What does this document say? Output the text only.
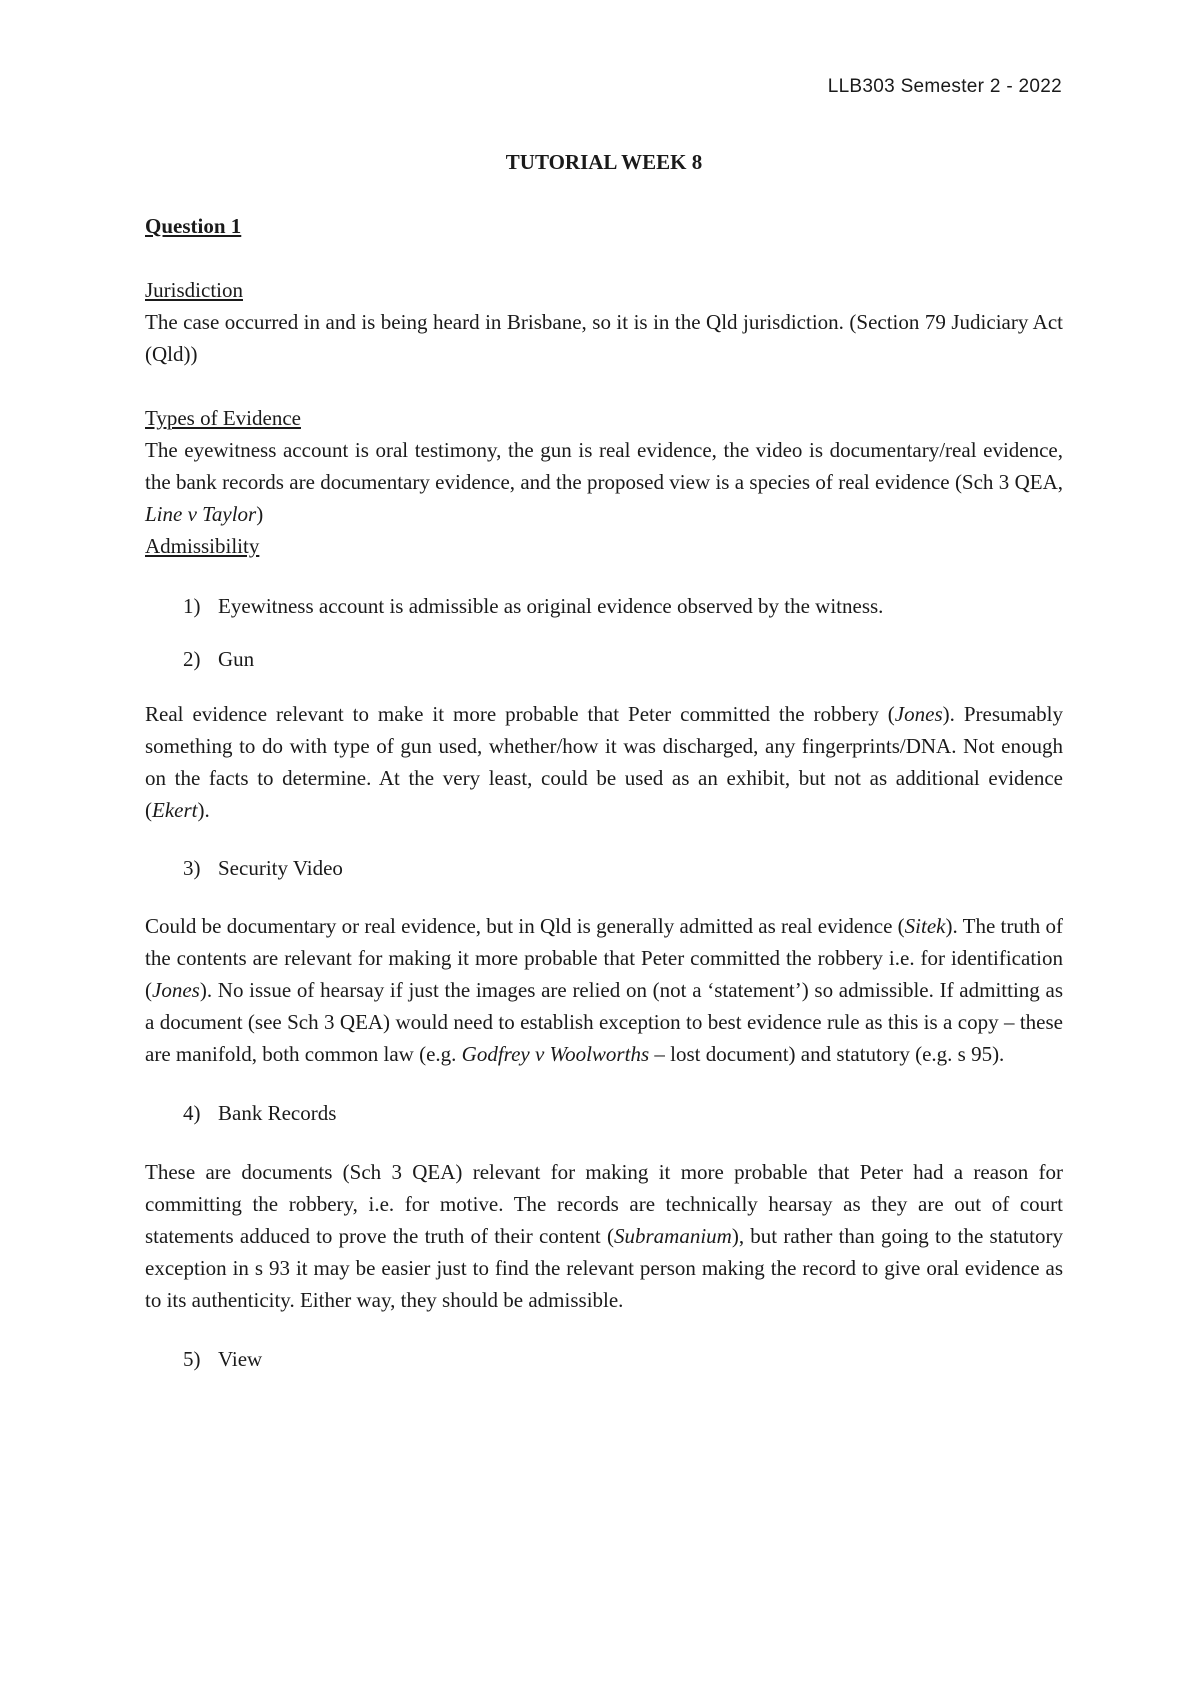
LLB303 Semester 2 - 2022

TUTORIAL WEEK 8

Question 1

Jurisdiction

The case occurred in and is being heard in Brisbane, so it is in the Qld jurisdiction. (Section 79 Judiciary Act (Qld))

Types of Evidence

The eyewitness account is oral testimony, the gun is real evidence, the video is documentary/real evidence, the bank records are documentary evidence, and the proposed view is a species of real evidence (Sch 3 QEA, Line v Taylor)

Admissibility

1) Eyewitness account is admissible as original evidence observed by the witness.

2) Gun

Real evidence relevant to make it more probable that Peter committed the robbery (Jones). Presumably something to do with type of gun used, whether/how it was discharged, any fingerprints/DNA. Not enough on the facts to determine. At the very least, could be used as an exhibit, but not as additional evidence (Ekert).

3) Security Video

Could be documentary or real evidence, but in Qld is generally admitted as real evidence (Sitek). The truth of the contents are relevant for making it more probable that Peter committed the robbery i.e. for identification (Jones). No issue of hearsay if just the images are relied on (not a ‘statement’) so admissible. If admitting as a document (see Sch 3 QEA) would need to establish exception to best evidence rule as this is a copy – these are manifold, both common law (e.g. Godfrey v Woolworths – lost document) and statutory (e.g. s 95).

4) Bank Records

These are documents (Sch 3 QEA) relevant for making it more probable that Peter had a reason for committing the robbery, i.e. for motive. The records are technically hearsay as they are out of court statements adduced to prove the truth of their content (Subramanium), but rather than going to the statutory exception in s 93 it may be easier just to find the relevant person making the record to give oral evidence as to its authenticity. Either way, they should be admissible.

5) View
